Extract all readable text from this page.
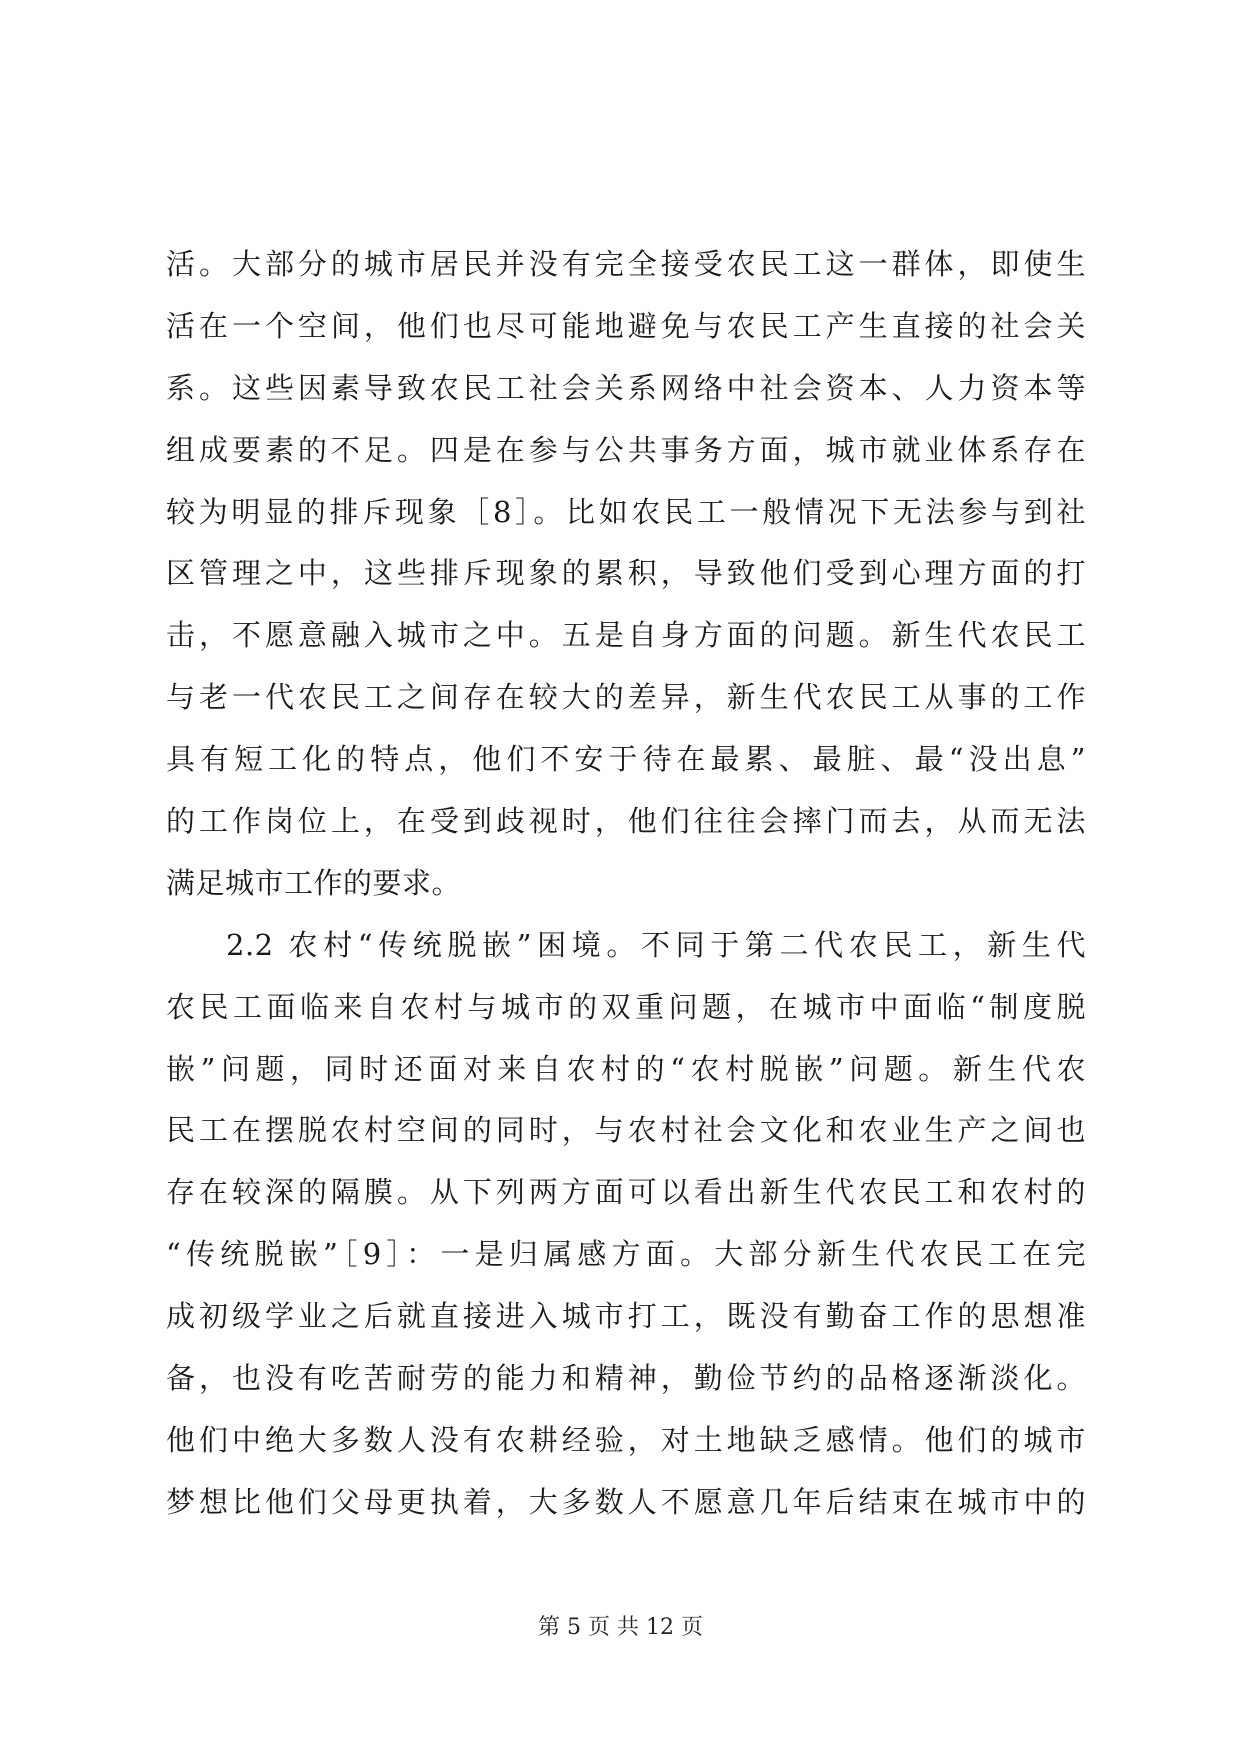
活。大部分的城市居民并没有完全接受农民工这一群体，即使生
活在一个空间，他们也尽可能地避免与农民工产生直接的社会关
系。这些因素导致农民工社会关系网络中社会资本、人力资本等
组成要素的不足。四是在参与公共事务方面，城市就业体系存在
较为明显的排斥现象［8］。比如农民工一般情况下无法参与到社
区管理之中，这些排斥现象的累积，导致他们受到心理方面的打
击，不愿意融入城市之中。五是自身方面的问题。新生代农民工
与老一代农民工之间存在较大的差异，新生代农民工从事的工作
具有短工化的特点，他们不安于待在最累、最脏、最“没出息”
的工作岗位上，在受到歧视时，他们往往会摔门而去，从而无法
满足城市工作的要求。
2.2 农村“传统脱嵌”困境。不同于第二代农民工，新生代
农民工面临来自农村与城市的双重问题，在城市中面临“制度脱
嵌”问题，同时还面对来自农村的“农村脱嵌”问题。新生代农
民工在摆脱农村空间的同时，与农村社会文化和农业生产之间也
存在较深的隔膜。从下列两方面可以看出新生代农民工和农村的
“传统脱嵌”［9］：一是归属感方面。大部分新生代农民工在完
成初级学业之后就直接进入城市打工，既没有勤奋工作的思想准
备，也没有吃苦耐劳的能力和精神，勤俭节约的品格逐渐淡化。
他们中绝大多数人没有农耕经验，对土地缺乏感情。他们的城市
梦想比他们父母更执着，大多数人不愿意几年后结束在城市中的
第 5 页 共 12 页
